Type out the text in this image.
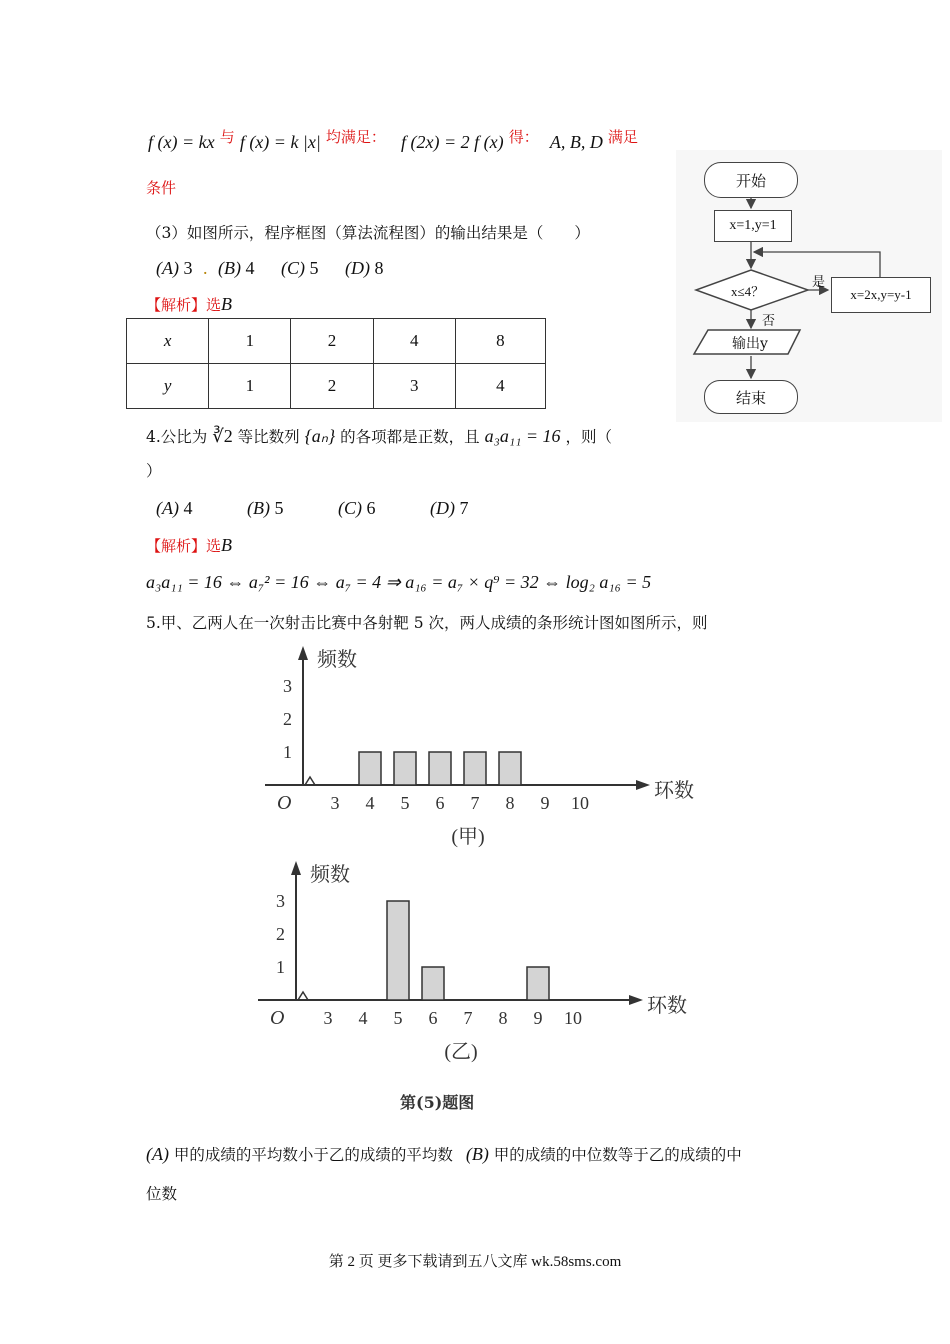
f (x) = kx 与 f (x) = k |x| 均满足： f (2x) = 2 f (x) 得： A, B, D 满足
条件
（3）如图所示，程序框图（算法流程图）的输出结果是（　　）
(A) 3 . (B) 4 (C) 5 (D) 8
【解析】选B
x	1	2	4	8
y	1	2	3	4
开始
x=1,y=1
x≤4？
是
否
x=2x,y=y-1
输出y
结束
4.公比为 ∛2 等比数列 {aₙ} 的各项都是正数，且 a₃a₁₁ = 16 ，则（
）
(A) 4	(B) 5	(C) 6	(D) 7
【解析】选B
a₃a₁₁ = 16 ⇔ a₇² = 16 ⇔ a₇ = 4 ⇒ a₁₆ = a₇ × q⁹ = 32 ⇔ log₂ a₁₆ = 5
5.甲、乙两人在一次射击比赛中各射靶 5 次，两人成绩的条形统计图如图所示，则
频数
环数
O
1
2
3
3 4 5 6 7 8 9 10
(甲)
频数
环数
O
1
2
3
3 4 5 6 7 8 9 10
(乙)
第(5)题图
(A) 甲的成绩的平均数小于乙的成绩的平均数 (B) 甲的成绩的中位数等于乙的成绩的中
位数
第 2 页 更多下载请到五八文库 wk.58sms.com
